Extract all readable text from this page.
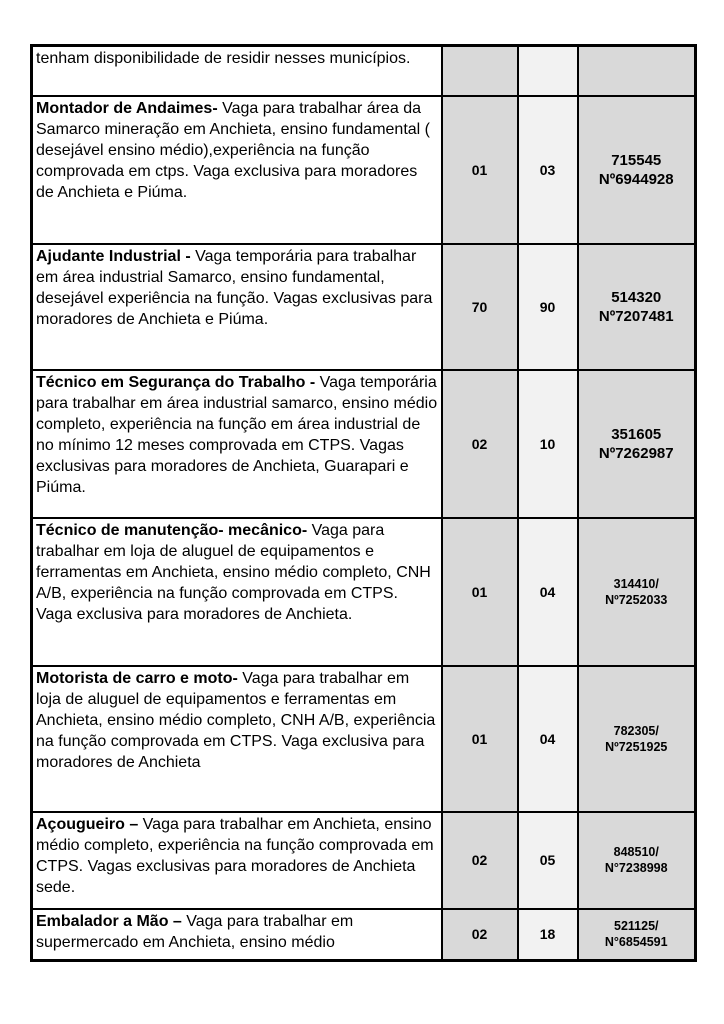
tenham disponibilidade de residir nesses municípios.			

Montador de Andaimes- Vaga para trabalhar área da Samarco mineração em Anchieta, ensino fundamental ( desejável ensino médio),experiência na função comprovada em ctps. Vaga exclusiva para moradores de Anchieta e Piúma.	01	03	715545
Nº6944928

Ajudante Industrial - Vaga temporária para trabalhar em área industrial Samarco, ensino fundamental, desejável experiência na função. Vagas exclusivas para moradores de Anchieta e Piúma.	70	90	514320
Nº7207481

Técnico em Segurança do Trabalho - Vaga temporária para trabalhar em área industrial samarco, ensino médio completo, experiência na função em área industrial de no mínimo 12 meses comprovada em CTPS. Vagas exclusivas para moradores de Anchieta, Guarapari e Piúma.	02	10	351605
Nº7262987

Técnico de manutenção- mecânico- Vaga para trabalhar em loja de aluguel de equipamentos e ferramentas em Anchieta, ensino médio completo, CNH A/B, experiência na função comprovada em CTPS. Vaga exclusiva para moradores de Anchieta.	01	04	314410/
Nº7252033

Motorista de carro e moto- Vaga para trabalhar em loja de aluguel de equipamentos e ferramentas em Anchieta, ensino médio completo, CNH A/B, experiência na função comprovada em CTPS. Vaga exclusiva para moradores de Anchieta	01	04	782305/
Nº7251925

Açougueiro – Vaga para trabalhar em Anchieta, ensino médio completo, experiência na função comprovada em CTPS. Vagas exclusivas para moradores de Anchieta sede.	02	05	848510/
N°7238998

Embalador a Mão – Vaga para trabalhar em supermercado em Anchieta, ensino médio	02	18	521125/
N°6854591
